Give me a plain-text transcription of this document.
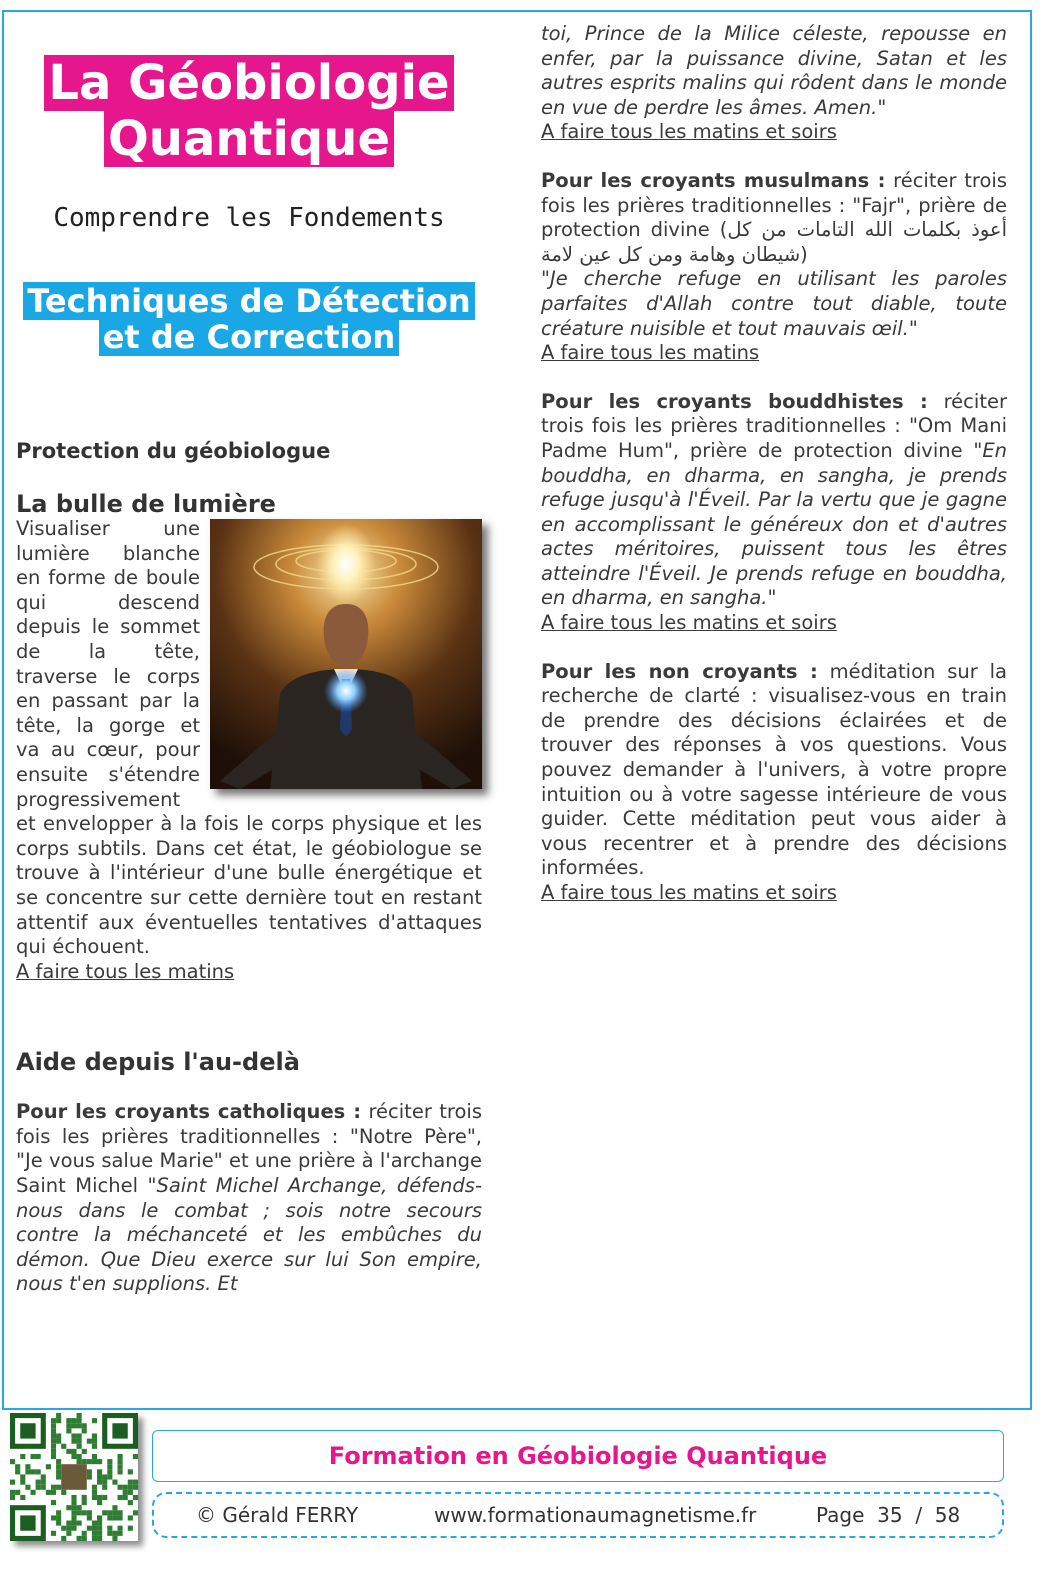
La Géobiologie Quantique
Comprendre les Fondements
Techniques de Détection et de Correction
Protection du géobiologue
La bulle de lumière

Visualiser une lumière blanche en forme de boule qui descend depuis le sommet de la tête, traverse le corps en passant par la tête, la gorge et va au cœur, pour ensuite s'étendre progressivement et envelopper à la fois le corps physique et les corps subtils. Dans cet état, le géobiologue se trouve à l'intérieur d'une bulle énergétique et se concentre sur cette dernière tout en restant attentif aux éventuelles tentatives d'attaques qui échouent.

A faire tous les matins

Aide depuis l'au-delà

Pour les croyants catholiques : réciter trois fois les prières traditionnelles : "Notre Père", "Je vous salue Marie" et une prière à l'archange Saint Michel "Saint Michel Archange, défends-nous dans le combat ; sois notre secours contre la méchanceté et les embûches du démon. Que Dieu exerce sur lui Son empire, nous t'en supplions. Et

toi, Prince de la Milice céleste, repousse en enfer, par la puissance divine, Satan et les autres esprits malins qui rôdent dans le monde en vue de perdre les âmes. Amen."

A faire tous les matins et soirs

Pour les croyants musulmans : réciter trois fois les prières traditionnelles : "Fajr", prière de protection divine (أعوذ بكلمات الله التامات من كل شيطان وهامة ومن كل عين لامة)

"Je cherche refuge en utilisant les paroles parfaites d'Allah contre tout diable, toute créature nuisible et tout mauvais œil."

A faire tous les matins

Pour les croyants bouddhistes : réciter trois fois les prières traditionnelles : "Om Mani Padme Hum", prière de protection divine "En bouddha, en dharma, en sangha, je prends refuge jusqu'à l'Éveil. Par la vertu que je gagne en accomplissant le généreux don et d'autres actes méritoires, puissent tous les êtres atteindre l'Éveil. Je prends refuge en bouddha, en dharma, en sangha."

A faire tous les matins et soirs

Pour les non croyants : méditation sur la recherche de clarté : visualisez-vous en train de prendre des décisions éclairées et de trouver des réponses à vos questions. Vous pouvez demander à l'univers, à votre propre intuition ou à votre sagesse intérieure de vous guider. Cette méditation peut vous aider à vous recentrer et à prendre des décisions informées.

A faire tous les matins et soirs

Formation en Géobiologie Quantique
© Gérald FERRY	www.formationaumagnetisme.fr	Page 35 / 58
